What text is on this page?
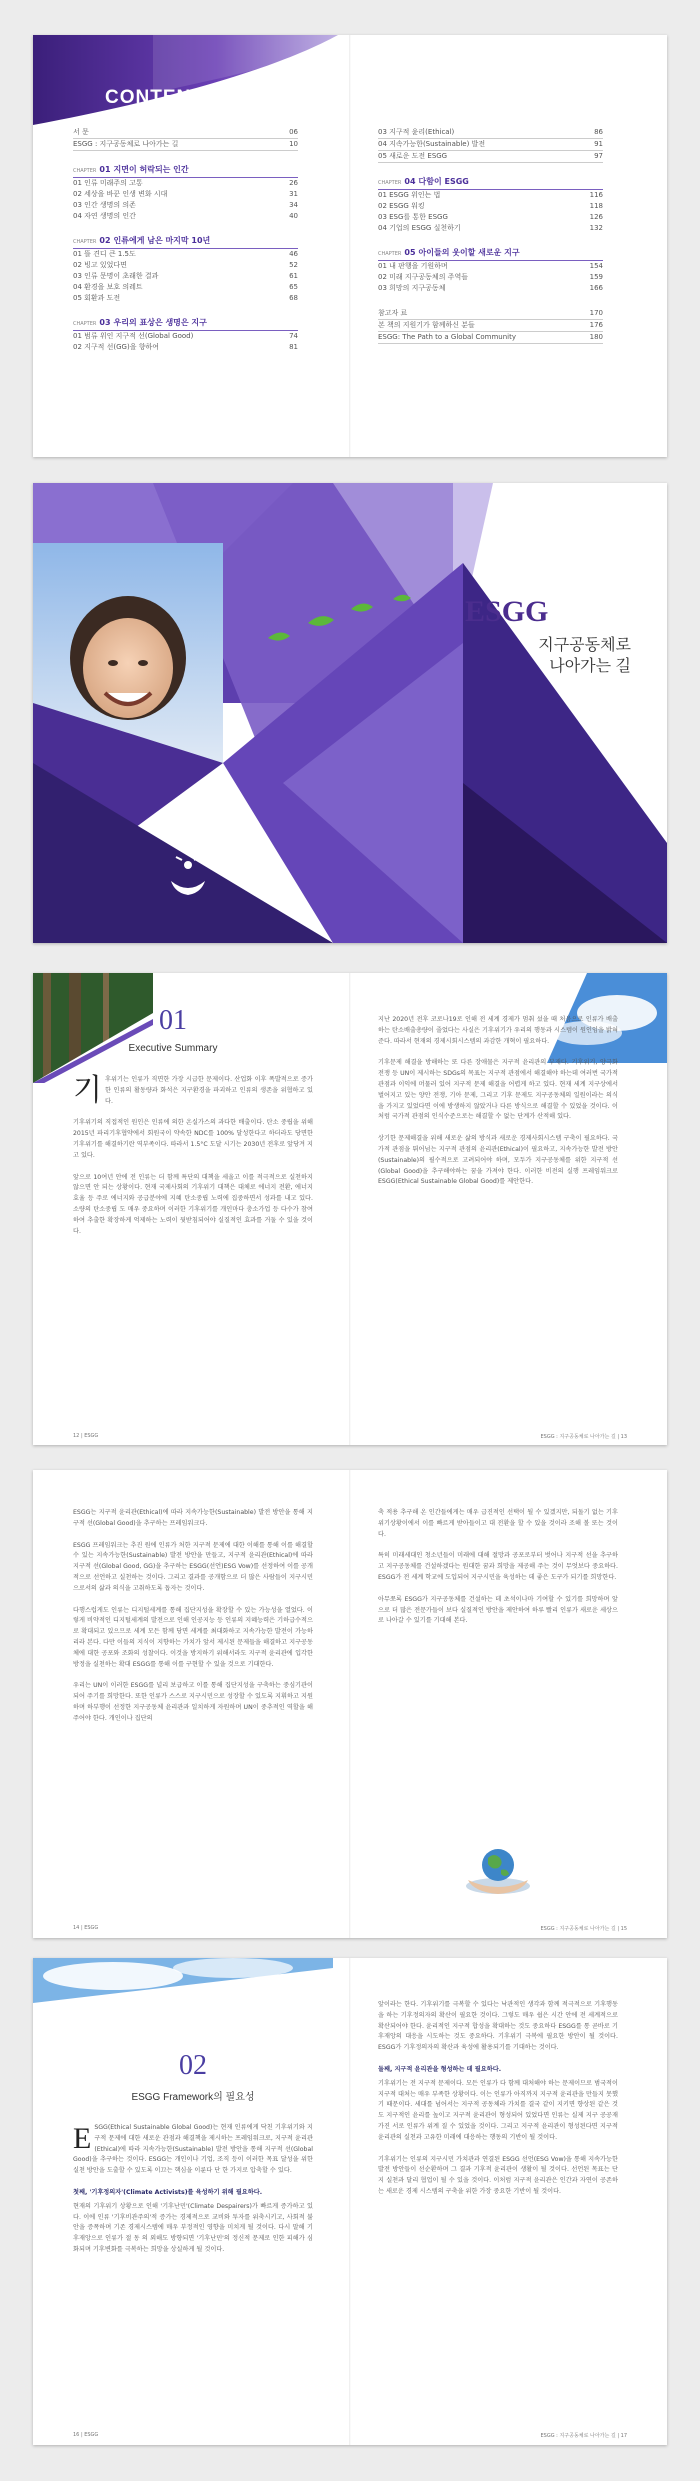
CONTENTS
서 문	06
ESGG : 지구공동체로 나아가는 길	10
CHAPTER 01 지면이 허락되는 인간
01 인류 미래주의 고통	26
02 세상을 바꾼 인생 변화 시대	31
03 인간 생명의 의존	34
04 자연 생명의 인간	40
CHAPTER 02 인류에게 남은 마지막 10년
01 뜰 견디 큰 1.5도	46
02 빙고 있었다면	52
03 인류 문명이 초래한 결과	61
04 환경을 보호 의레트	65
05 회환과 도전	68
CHAPTER 03 우리의 표상은 생명은 지구
01 범류 위인 지구적 선(Global Good)	74
02 지구적 선(GG)을 향하여	81
03 지구적 윤리(Ethical)	86
04 지속가능한(Sustainable) 발전	91
05 새로운 도전 ESGG	97
CHAPTER 04 다함이 ESGG
01 ESGG 위인는 법	116
02 ESGG 워킹	118
03 ESG를 통한 ESGG	126
04 기업의 ESGG 실천하기	132
CHAPTER 05 아이들의 웃이할 새로운 지구
01 내 판행을 기원하며	154
02 미래 지구공동체의 주역들	159
03 희망의 지구공동체	166
참고자 료	170
본 책의 지원기가 함께하신 분들	176
ESGG: The Path to a Global Community	180
ESGG
지구공동체로
나아가는 길
01
Executive Summary
기 후위기는 인류가 직면한 가장 시급한 문제이다. 산업화 이후 폭발적으로 증가한 인류의 활동량과 화석은 지구환경을 파괴하고 인류의 생존을 위협하고 있다.

기후위기의 직접적인 원인은 인류에 의한 온실가스의 과다한 배출이다. 탄소 중립을 위해 2015년 파리기후협약에서 회원국이 약속한 NDC를 100% 달성한다고 하더라도 당면한 기후위기를 해결하기란 역부족이다. 따라서 1.5°C 도달 시기는 2030년 전후로 앞당겨 지고 있다.

앞으로 10여년 안에 전 인류는 더 함께 특단의 대책을 세울고 이를 적극적으로 실천하지 않으면 안 되는 상황이다. 현재 국제사회의 기후위기 대책은 대체로 에너지 전환, 에너지 효율 등 주로 에너지와 공급분야에 지혜 탄소중립 노력에 집중하면서 성과를 내고 있다. 소량의 탄소중립 도 매우 중요하며 이러한 기후위기를 개인마다 충소가업 등 다수가 참여하여 추출한 확장하게 억제하는 노력이 뒷받침되어야 실질적인 효과를 거둘 수 있을 것이다.

지난 2020년 전후 코로나19로 인해 전 세계 경제가 멈춰 섰을 때 처음으로 인류가 배출하는 탄소배출총량이 줄었다는 사실은 기후위기가 우리의 행동과 시스템이 원인임을 밝혀준다. 따라서 현재의 경제시회시스템의 과감한 개혁이 필요하다.

기후문제 해결을 방해하는 또 다른 장애물은 지구적 윤리관의 부재다. 기후위기, 양극화 전쟁 등 UN이 제시하는 SDGs의 목표는 지구적 관점에서 해결해야 하는데 여러번 국가적 관점과 이익에 머물러 있어 지구적 문제 해결을 어렵게 하고 있다. 현재 세계 지구상에서 벌어지고 있는 양안 전쟁, 기아 문제, 그리고 기후 문제도 지구공동체의 일원이라는 의식을 가지고 있었다면 이에 방생하지 않았거나 다른 방식으로 해결할 수 있었을 것이다. 이처럼 국가적 관점의 인식수준으로는 해결할 수 없는 단계가 산적해 있다.

상기한 문제해결을 위해 새로운 삶의 방식과 새로운 경제사회시스템 구축이 필요하다. 국가적 관점을 뛰어넘는 지구적 관점의 윤리관(Ethical)이 필요하고, 지속가능한 발전 방안(Sustainable)의 필수적으로 고려되어야 하며, 모두가 지구공동체를 위한 지구적 선(Global Good)을 추구해야하는 꿈을 가져야 한다. 이러한 비전의 실행 프레임워크로 ESGG(Ethical Sustainable Global Good)를 제안한다.

12 | ESGG	ESGG : 지구공동체로 나아가는 길 | 13

ESGG는 지구적 윤리관(Ethical)에 따라 지속가능한(Sustainable) 발전 방안을 통해 지구적 선(Global Good)을 추구하는 프레임워크다.

ESGG 프레임워크는 추진 원에 인류가 처한 지구적 문제에 대한 이해를 통해 이를 해결할 수 있는 지속가능한(Sustainable) 발전 방안을 만들고, 지구적 윤리관(Ethical)에 따라 지구적 선(Global Good, GG)을 추구하는 ESGG(선언)ESG Vow)를 선정하여 이를 공개적으로 선언하고 실천하는 것이다. 그리고 결과를 공개함으로 더 많은 사람들이 지구시민으로서의 삶과 의식을 고취하도록 돕자는 것이다.

다행스럽게도 인류는 디지털세계를 통해 집단지성을 확장할 수 있는 가능성을 열었다. 이렇게 비약적인 디지털세계의 발전으로 인해 인공지능 등 인류의 지혜능력은 기하급수적으로 확대되고 있으므로 세계 모든 함께 당면 세계를 최대화하고 지속가능한 발전이 가능하리라 본다. 다만 이들의 지식이 지향하는 가치가 앞서 제시된 문제들을 해결하고 지구공동체에 대한 공포와 조화의 성찰이다. 이것을 방지하기 위해서라도 지구적 윤리관에 입각한 방정을 실천하는 확대 ESGG를 통해 이를 구현할 수 있을 것으로 기대한다.

우리는 UN이 이러한 ESGG를 널리 보급하고 이를 통해 집단지성을 구축하는 중심기관이 되어 주기를 희망한다. 또한 인류가 스스로 지구시민으로 성장할 수 있도록 지휘하고 지원하며 하부행이 선정한 지구공동체 윤리관과 일치하게 자원하며 UN이 중추적인 역할을 해 주어야 한다. 개인이나 집단의

축 적용 추구해 온 인간들에게는 매우 급진적인 선택이 될 수 있겠지만, 되돌기 없는 기후위기상황이에서 이를 빠르게 받아들이고 대 전환을 할 수 있을 것이라 조해 볼 또는 것이다.

특히 미래세대인 청소년들이 미래에 대해 절망과 공포로부터 벗어나 지구적 선을 추구하고 지구공동체를 건설하겠다는 원대한 꿈과 희망을 제공해 주는 것이 무엇보다 중요하다. ESGG가 전 세계 학교에 도입되어 지구시민을 육성하는 데 좋은 도구가 되기를 희망한다.

아무쪼록 ESGG가 지구공동체를 건설하는 데 초석이나마 기여할 수 있기를 희망하며 앞으로 더 많은 전문가들이 보다 실질적인 방안을 제안하여 하루 빨리 인류가 새로운 세상으로 나아갈 수 있기를 기대해 본다.

14 | ESGG	ESGG : 지구공동체로 나아가는 길 | 15
02
ESGG Framework의 필요성
E SGG(Ethical Sustainable Global Good)는 현재 인류에게 닥친 기후위기와 지구적 문제에 대한 새로운 관점과 해결책을 제시하는 프레임워크로, 지구적 윤리관(Ethical)에 따라 지속가능한(Sustainable) 발전 방안을 통해 지구적 선(Global Good)을 추구하는 것이다. ESGG는 개인이나 기업, 조직 등이 이러한 목표 달성을 위한 실천 방안을 도출할 수 있도록 이끄는 핵심을 이룬다 단 한 가지로 압축할 수 있다.

첫째, '기후정의자'(Climate Activists)를 육성하기 위해 필요하다.

현재의 기후위기 상황으로 인해 '기후난민'(Climate Despairers)가 빠르게 증가하고 있다. 이에 인류 '기후비관주의'적 증가는 경제적으로 교비와 투자를 위축시키고, 사회적 불안을 증폭하며 기존 경제시스템에 매우 부정적인 영향을 미치게 될 것이다. 다시 말해 기후재앙으로 인류가 절 동 의 외해도 방향되면 '기후난민'의 정신적 문제로 인한 피해가 심화되며 기후변화를 극복하는 희망을 상실하게 될 것이다.

앞이라는 한다. 기후위기를 극복할 수 있다는 낙관적인 생각과 함께 적극적으로 기후행동을 하는 기후정의자의 확산이 필요한 것이다. 그렇도 매우 쉽은 시간 안에 전 세계적으로 확산되어야 한다. 윤리적인 지구적 합성을 확대하는 것도 중요하다 ESGG를 통 곧바로 기후재앙의 대응을 시도하는 것도 중요하다. 기후위기 극복에 필요한 방안이 될 것이다. ESGG가 기후정의자의 확산과 육성에 활용되기를 기대하는 것이다.

둘째, 지구적 윤리관을 형성하는 데 필요하다.

기후위기는 전 지구적 문제이다. 모든 인류가 다 함께 대처해야 하는 문제이므로 범국적이 지구적 대처는 매우 부족한 상황이다. 이는 인류가 아직까지 지구적 윤리관을 만들지 못했기 때문이다. 세대를 넘어서는 지구적 공동체라 가치를 결국 같이 지키면 향상된 같은 것도 지구적인 윤리를 높이고 지구적 윤리관이 형성되어 있었다면 인류는 실제 지구 공공재 가진 서로 인류가 위계 질 수 있었을 것이다. 그리고 지구적 윤리관이 형성된다면 지구적 윤리관의 실천과 고유한 미래에 대응하는 행동의 기반이 될 것이다.

기후위기는 인류의 지구시민 가치관과 연결된 ESGG 선언(ESG Vow)을 통해 지속가능한 발전 방안들이 선순환하며 그 결과 기후적 윤리관이 생활이 될 것이다. 선언된 목표는 단지 실천과 달리 협업이 될 수 있을 것이다. 이처럼 지구적 윤리관은 인간과 자연이 공존하는 새로운 경제 시스템의 구축을 위한 가장 중요한 기반이 될 것이다.

16 | ESGG	ESGG : 지구공동체로 나아가는 길 | 17
